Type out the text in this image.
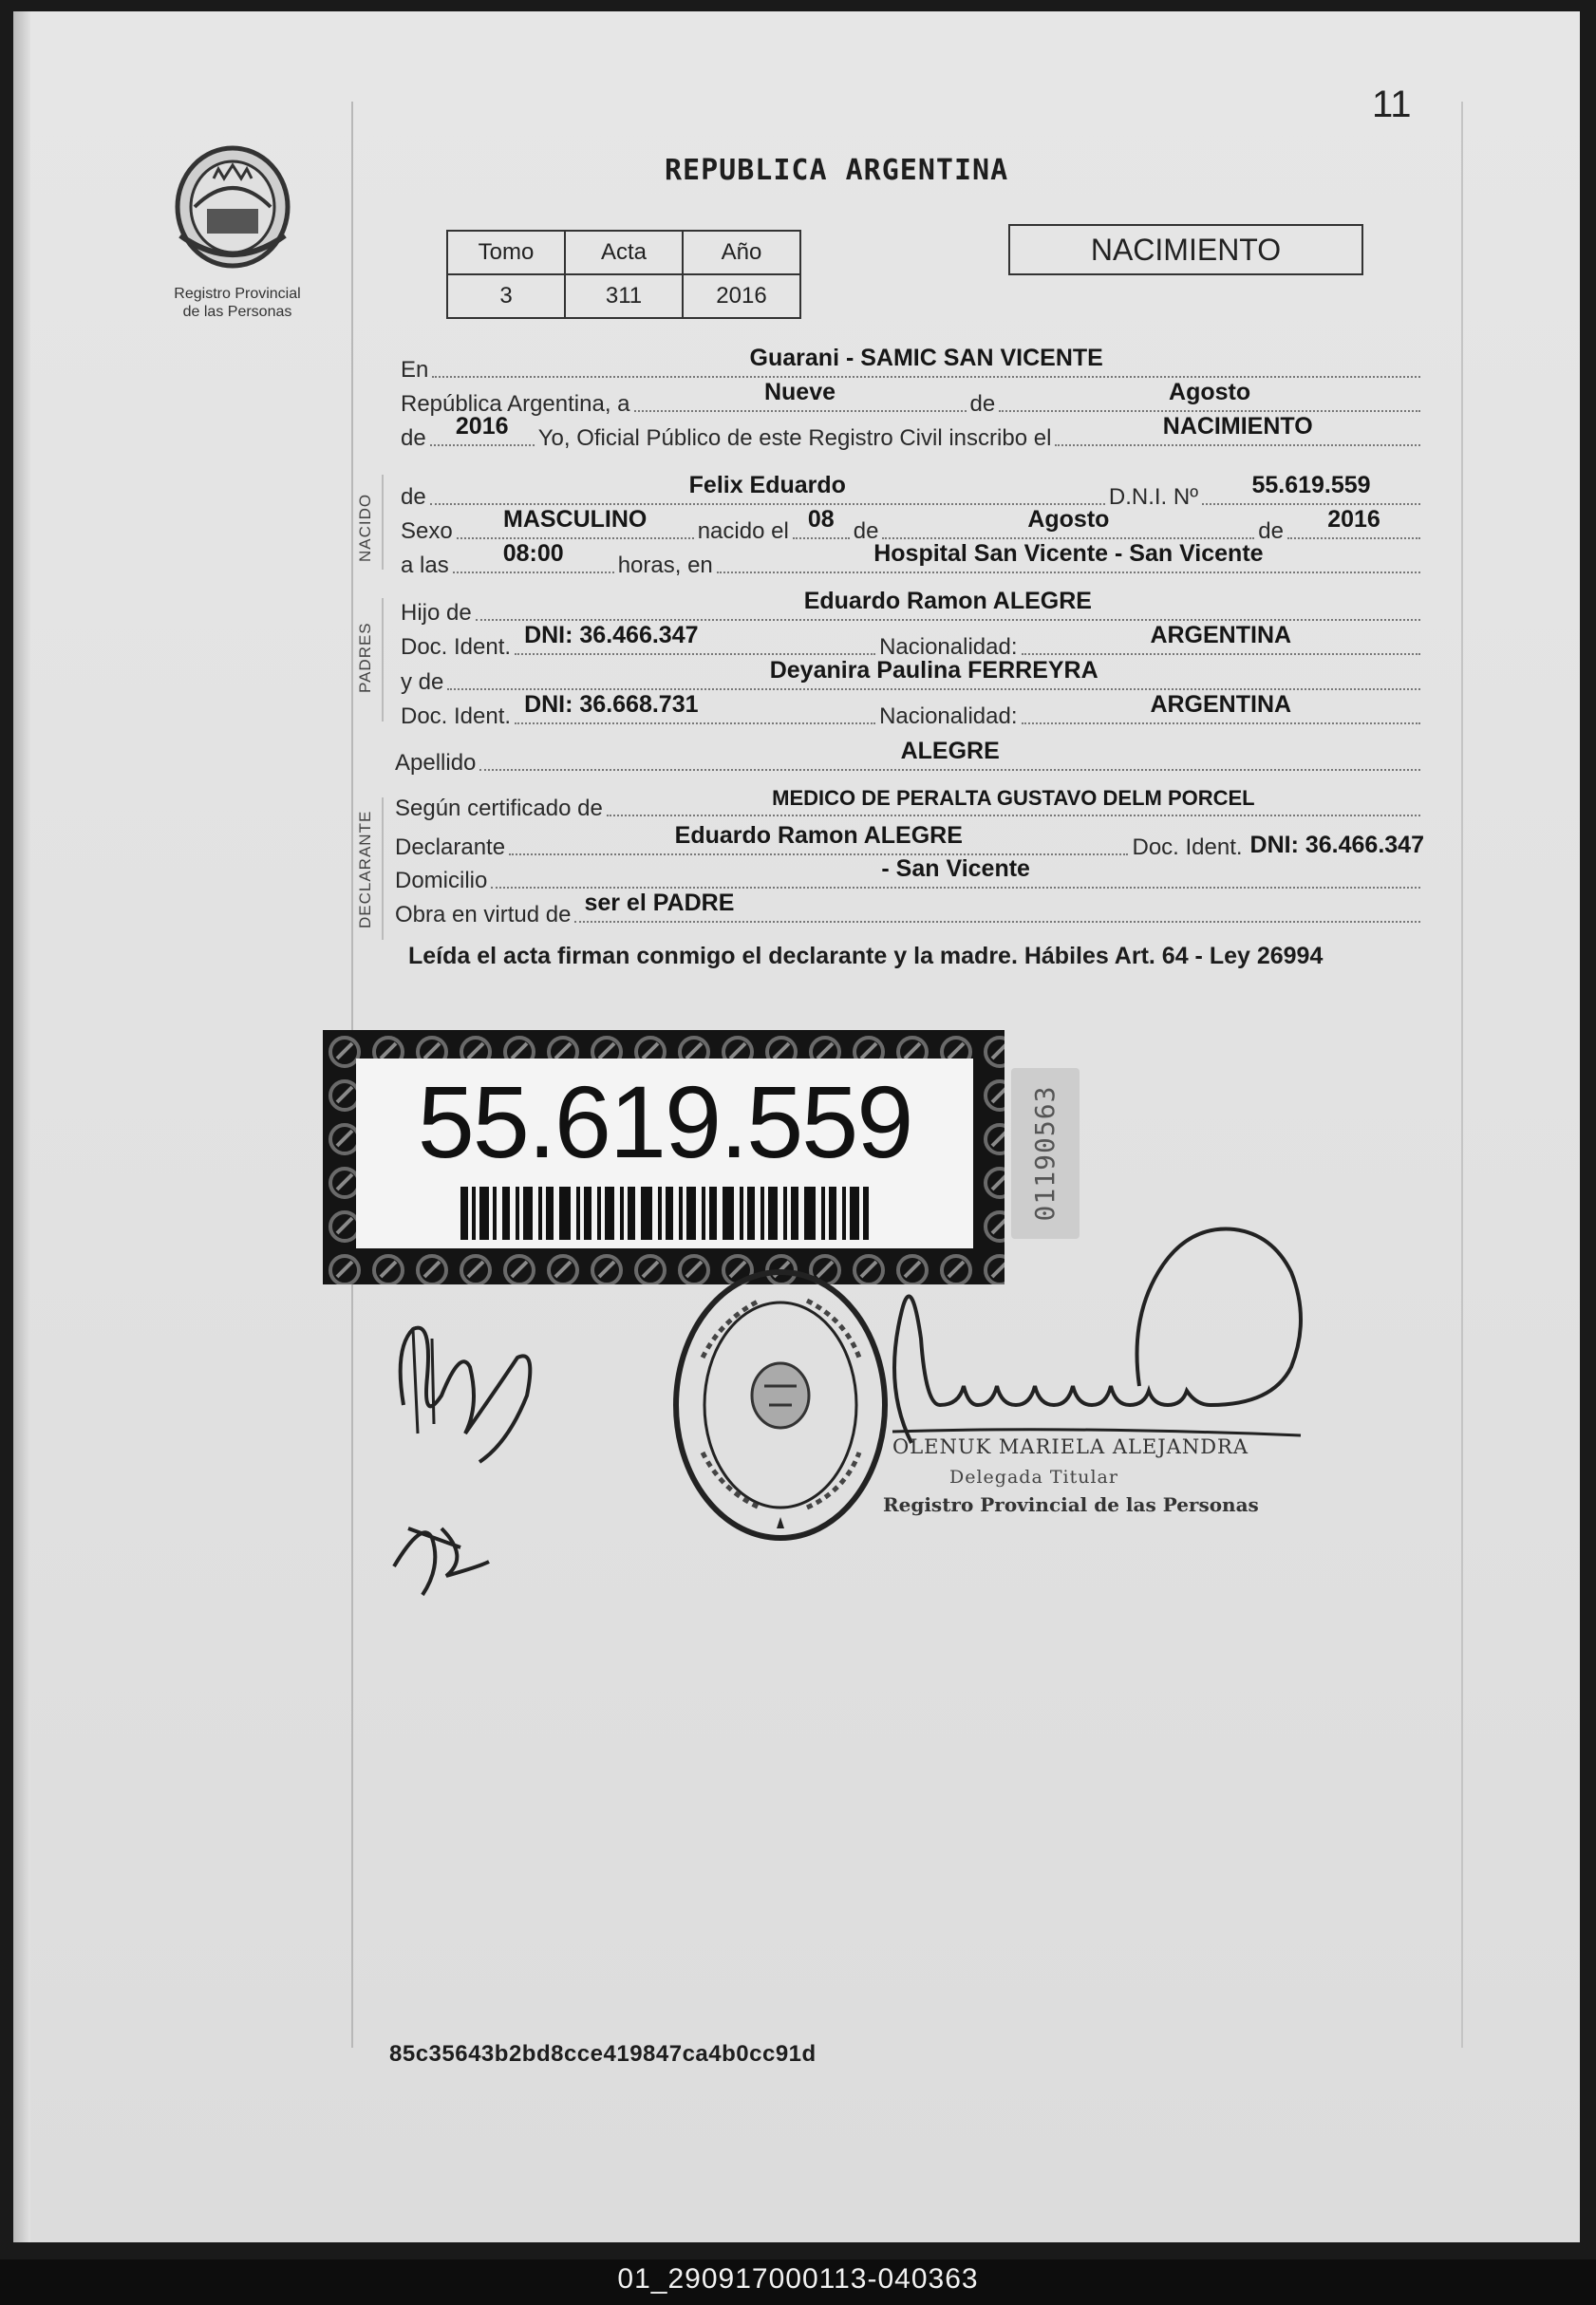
11
Registro Provincial
de las Personas
REPUBLICA ARGENTINA
Tomo	Acta	Año
3	311	2016
NACIMIENTO
NACIDO
PADRES
DECLARANTE
En	Guarani - SAMIC SAN VICENTE
República Argentina, a	Nueve	de	Agosto
de	2016	Yo, Oficial Público de este Registro Civil inscribo el	NACIMIENTO
de	Felix Eduardo	D.N.I. Nº	55.619.559
Sexo	MASCULINO	nacido el 08 de	Agosto	de	2016
a las	08:00	horas, en	Hospital San Vicente - San Vicente
Hijo de	Eduardo Ramon ALEGRE
Doc. Ident. DNI: 36.466.347	Nacionalidad:	ARGENTINA
y de	Deyanira Paulina FERREYRA
Doc. Ident. DNI: 36.668.731	Nacionalidad:	ARGENTINA
Apellido	ALEGRE
Según certificado de	MEDICO DE PERALTA GUSTAVO DELM PORCEL
Declarante	Eduardo Ramon ALEGRE	Doc. Ident. DNI: 36.466.347
Domicilio	- San Vicente
Obra en virtud de ser el PADRE
Leída el acta firman conmigo el declarante y la madre. Hábiles Art. 64 - Ley 26994
55.619.559	01190563
OLENUK MARIELA ALEJANDRA
Delegada Titular
Registro Provincial de las Personas
85c35643b2bd8cce419847ca4b0cc91d
01_290917000113-040363
